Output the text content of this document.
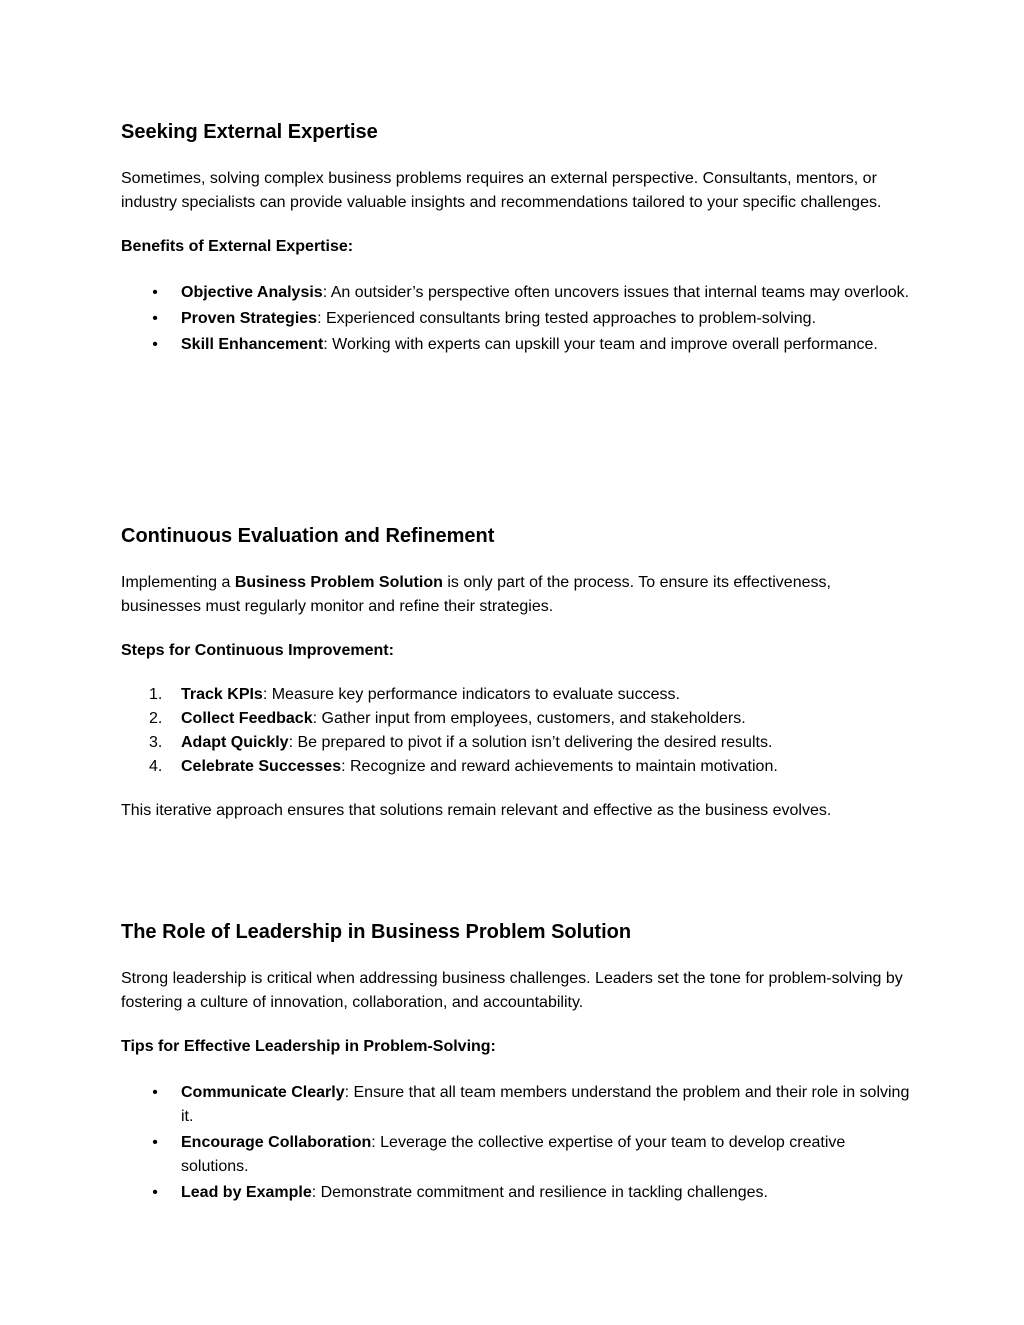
Seeking External Expertise

Sometimes, solving complex business problems requires an external perspective. Consultants, mentors, or industry specialists can provide valuable insights and recommendations tailored to your specific challenges.

Benefits of External Expertise:

• Objective Analysis: An outsider’s perspective often uncovers issues that internal teams may overlook.
• Proven Strategies: Experienced consultants bring tested approaches to problem-solving.
• Skill Enhancement: Working with experts can upskill your team and improve overall performance.
Continuous Evaluation and Refinement

Implementing a Business Problem Solution is only part of the process. To ensure its effectiveness, businesses must regularly monitor and refine their strategies.

Steps for Continuous Improvement:

1. Track KPIs: Measure key performance indicators to evaluate success.
2. Collect Feedback: Gather input from employees, customers, and stakeholders.
3. Adapt Quickly: Be prepared to pivot if a solution isn’t delivering the desired results.
4. Celebrate Successes: Recognize and reward achievements to maintain motivation.

This iterative approach ensures that solutions remain relevant and effective as the business evolves.

The Role of Leadership in Business Problem Solution

Strong leadership is critical when addressing business challenges. Leaders set the tone for problem-solving by fostering a culture of innovation, collaboration, and accountability.

Tips for Effective Leadership in Problem-Solving:

• Communicate Clearly: Ensure that all team members understand the problem and their role in solving it.
• Encourage Collaboration: Leverage the collective expertise of your team to develop creative solutions.
• Lead by Example: Demonstrate commitment and resilience in tackling challenges.
